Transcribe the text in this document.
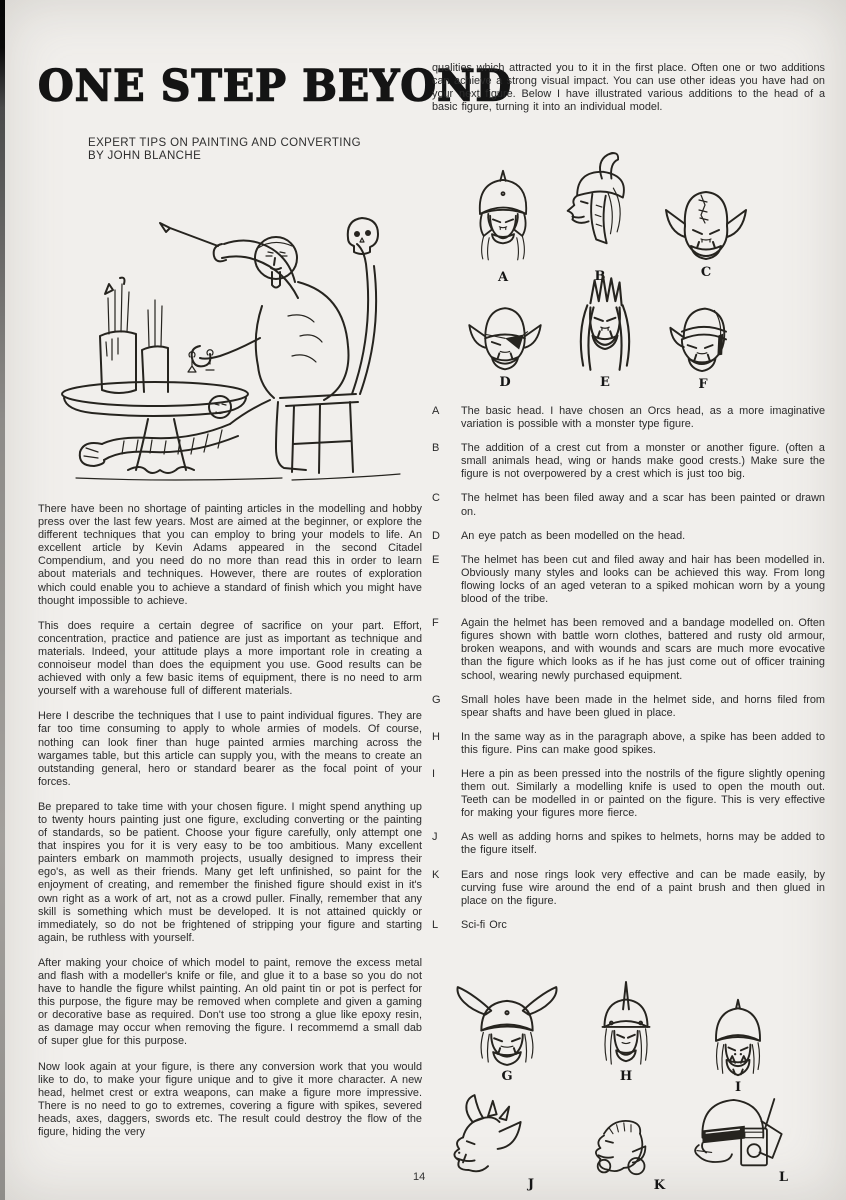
ONE STEP BEYOND
EXPERT TIPS ON PAINTING AND CONVERTING
BY JOHN BLANCHE

There have been no shortage of painting articles in the modelling and hobby press over the last few years. Most are aimed at the beginner, or explore the different techniques that you can employ to bring your models to life. An excellent article by Kevin Adams appeared in the second Citadel Compendium, and you need do no more than read this in order to learn about materials and techniques. However, there are routes of exploration which could enable you to achieve a standard of finish which you might have thought impossible to achieve.

This does require a certain degree of sacrifice on your part. Effort, concentration, practice and patience are just as important as technique and materials. Indeed, your attitude plays a more important role in creating a connoiseur model than does the equipment you use. Good results can be achieved with only a few basic items of equipment, there is no need to arm yourself with a warehouse full of different materials.

Here I describe the techniques that I use to paint individual figures. They are far too time consuming to apply to whole armies of models. Of course, nothing can look finer than huge painted armies marching across the wargames table, but this article can supply you, with the means to create an outstanding general, hero or standard bearer as the focal point of your forces.

Be prepared to take time with your chosen figure. I might spend anything up to twenty hours painting just one figure, excluding converting or the painting of standards, so be patient. Choose your figure carefully, only attempt one that inspires you for it is very easy to be too ambitious. Many excellent painters embark on mammoth projects, usually designed to impress their ego's, as well as their friends. Many get left unfinished, so paint for the enjoyment of creating, and remember the finished figure should exist in it's own right as a work of art, not as a crowd puller. Finally, remember that any skill is something which must be developed. It is not attained quickly or immediately, so do not be frightened of stripping your figure and starting again, be ruthless with yourself.

After making your choice of which model to paint, remove the excess metal and flash with a modeller's knife or file, and glue it to a base so you do not have to handle the figure whilst painting. An old paint tin or pot is perfect for this purpose, the figure may be removed when complete and given a gaming or decorative base as required. Don't use too strong a glue like epoxy resin, as damage may occur when removing the figure. I recommemd a small dab of super glue for this purpose.

Now look again at your figure, is there any conversion work that you would like to do, to make your figure unique and to give it more character. A new head, helmet crest or extra weapons, can make a figure more impressive. There is no need to go to extremes, covering a figure with spikes, severed heads, axes, daggers, swords etc. The result could destroy the flow of the figure, hiding the very

qualities which attracted you to it in the first place. Often one or two additions can achieve a strong visual impact. You can use other ideas you have had on your next figure. Below I have illustrated various additions to the head of a basic figure, turning it into an individual model.
A	B	C
D	E	F
A	The basic head. I have chosen an Orcs head, as a more imaginative variation is possible with a monster type figure.
B	The addition of a crest cut from a monster or another figure. (often a small animals head, wing or hands make good crests.) Make sure the figure is not overpowered by a crest which is just too big.
C	The helmet has been filed away and a scar has been painted or drawn on.
D	An eye patch as been modelled on the head.
E	The helmet has been cut and filed away and hair has been modelled in. Obviously many styles and looks can be achieved this way. From long flowing locks of an aged veteran to a spiked mohican worn by a young blood of the tribe.
F	Again the helmet has been removed and a bandage modelled on. Often figures shown with battle worn clothes, battered and rusty old armour, broken weapons, and with wounds and scars are much more evocative than the figure which looks as if he has just come out of officer training school, wearing newly purchased equipment.
G	Small holes have been made in the helmet side, and horns filed from spear shafts and have been glued in place.
H	In the same way as in the paragraph above, a spike has been added to this figure. Pins can make good spikes.
I	Here a pin as been pressed into the nostrils of the figure slightly opening them out. Similarly a modelling knife is used to open the mouth out. Teeth can be modelled in or painted on the figure. This is very effective for making your figures more fierce.
J	As well as adding horns and spikes to helmets, horns may be added to the figure itself.
K	Ears and nose rings look very effective and can be made easily, by curving fuse wire around the end of a paint brush and then glued in place on the figure.
L	Sci-fi Orc
G	H
I
J	K
L
14
